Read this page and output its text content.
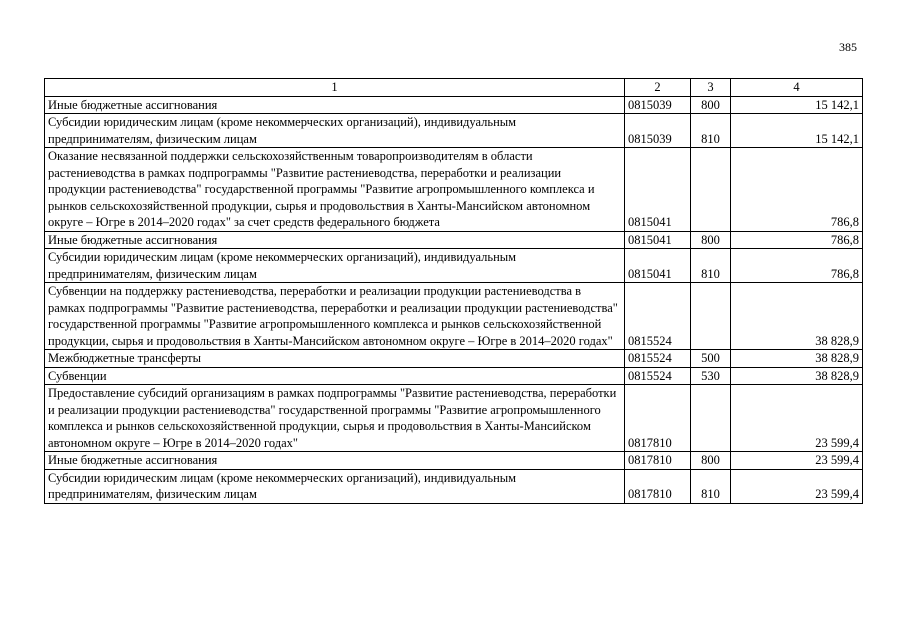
385
1	2	3	4
Иные бюджетные ассигнования	0815039	800	15 142,1
Субсидии юридическим лицам (кроме некоммерческих организаций), индивидуальным предпринимателям, физическим лицам	0815039	810	15 142,1
Оказание несвязанной поддержки сельскохозяйственным товаропроизводителям в области растениеводства в рамках подпрограммы "Развитие растениеводства, переработки и реализации продукции растениеводства" государственной программы "Развитие агропромышленного комплекса и рынков сельскохозяйственной продукции, сырья и продовольствия в Ханты-Мансийском автономном округе – Югре в 2014–2020 годах" за счет средств федерального бюджета	0815041		786,8
Иные бюджетные ассигнования	0815041	800	786,8
Субсидии юридическим лицам (кроме некоммерческих организаций), индивидуальным предпринимателям, физическим лицам	0815041	810	786,8
Субвенции на поддержку растениеводства, переработки и реализации продукции растениеводства в рамках подпрограммы "Развитие растениеводства, переработки и реализации продукции растениеводства" государственной программы "Развитие агропромышленного комплекса и рынков сельскохозяйственной продукции, сырья и продовольствия в Ханты-Мансийском автономном округе – Югре в 2014–2020 годах"	0815524		38 828,9
Межбюджетные трансферты	0815524	500	38 828,9
Субвенции	0815524	530	38 828,9
Предоставление субсидий организациям в рамках подпрограммы "Развитие растениеводства, переработки и реализации продукции растениеводства" государственной программы "Развитие агропромышленного комплекса и рынков сельскохозяйственной продукции, сырья и продовольствия в Ханты-Мансийском автономном округе – Югре в 2014–2020 годах"	0817810		23 599,4
Иные бюджетные ассигнования	0817810	800	23 599,4
Субсидии юридическим лицам (кроме некоммерческих организаций), индивидуальным предпринимателям, физическим лицам	0817810	810	23 599,4
